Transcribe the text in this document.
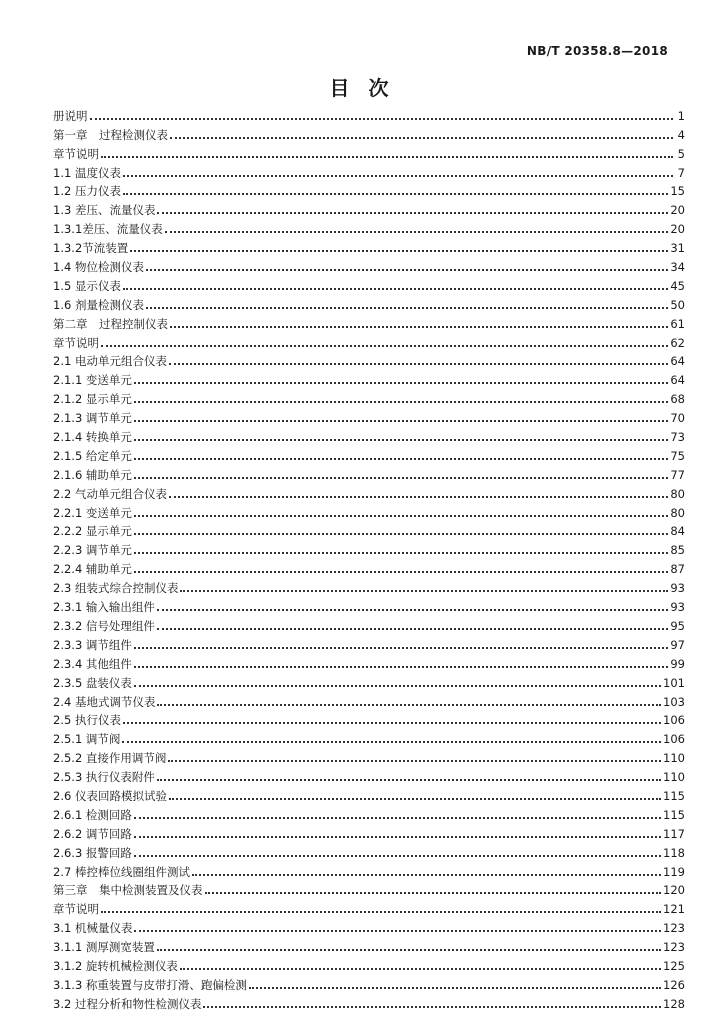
NB/T 20358.8—2018
目 次
册说明	1
第一章　过程检测仪表	4
章节说明	5
1.1 温度仪表	7
1.2 压力仪表	15
1.3 差压、流量仪表	20
1.3.1差压、流量仪表	20
1.3.2节流装置	31
1.4 物位检测仪表	34
1.5 显示仪表	45
1.6 剂量检测仪表	50
第二章　过程控制仪表	61
章节说明	62
2.1 电动单元组合仪表	64
2.1.1 变送单元	64
2.1.2 显示单元	68
2.1.3 调节单元	70
2.1.4 转换单元	73
2.1.5 给定单元	75
2.1.6 辅助单元	77
2.2 气动单元组合仪表	80
2.2.1 变送单元	80
2.2.2 显示单元	84
2.2.3 调节单元	85
2.2.4 辅助单元	87
2.3 组装式综合控制仪表	93
2.3.1 输入输出组件	93
2.3.2 信号处理组件	95
2.3.3 调节组件	97
2.3.4 其他组件	99
2.3.5 盘装仪表	101
2.4 基地式调节仪表	103
2.5 执行仪表	106
2.5.1 调节阀	106
2.5.2 直接作用调节阀	110
2.5.3 执行仪表附件	110
2.6 仪表回路模拟试验	115
2.6.1 检测回路	115
2.6.2 调节回路	117
2.6.3 报警回路	118
2.7 棒控棒位线圈组件测试	119
第三章　集中检测装置及仪表	120
章节说明	121
3.1 机械量仪表	123
3.1.1 测厚测宽装置	123
3.1.2 旋转机械检测仪表	125
3.1.3 称重装置与皮带打滑、跑偏检测	126
3.2 过程分析和物性检测仪表	128
